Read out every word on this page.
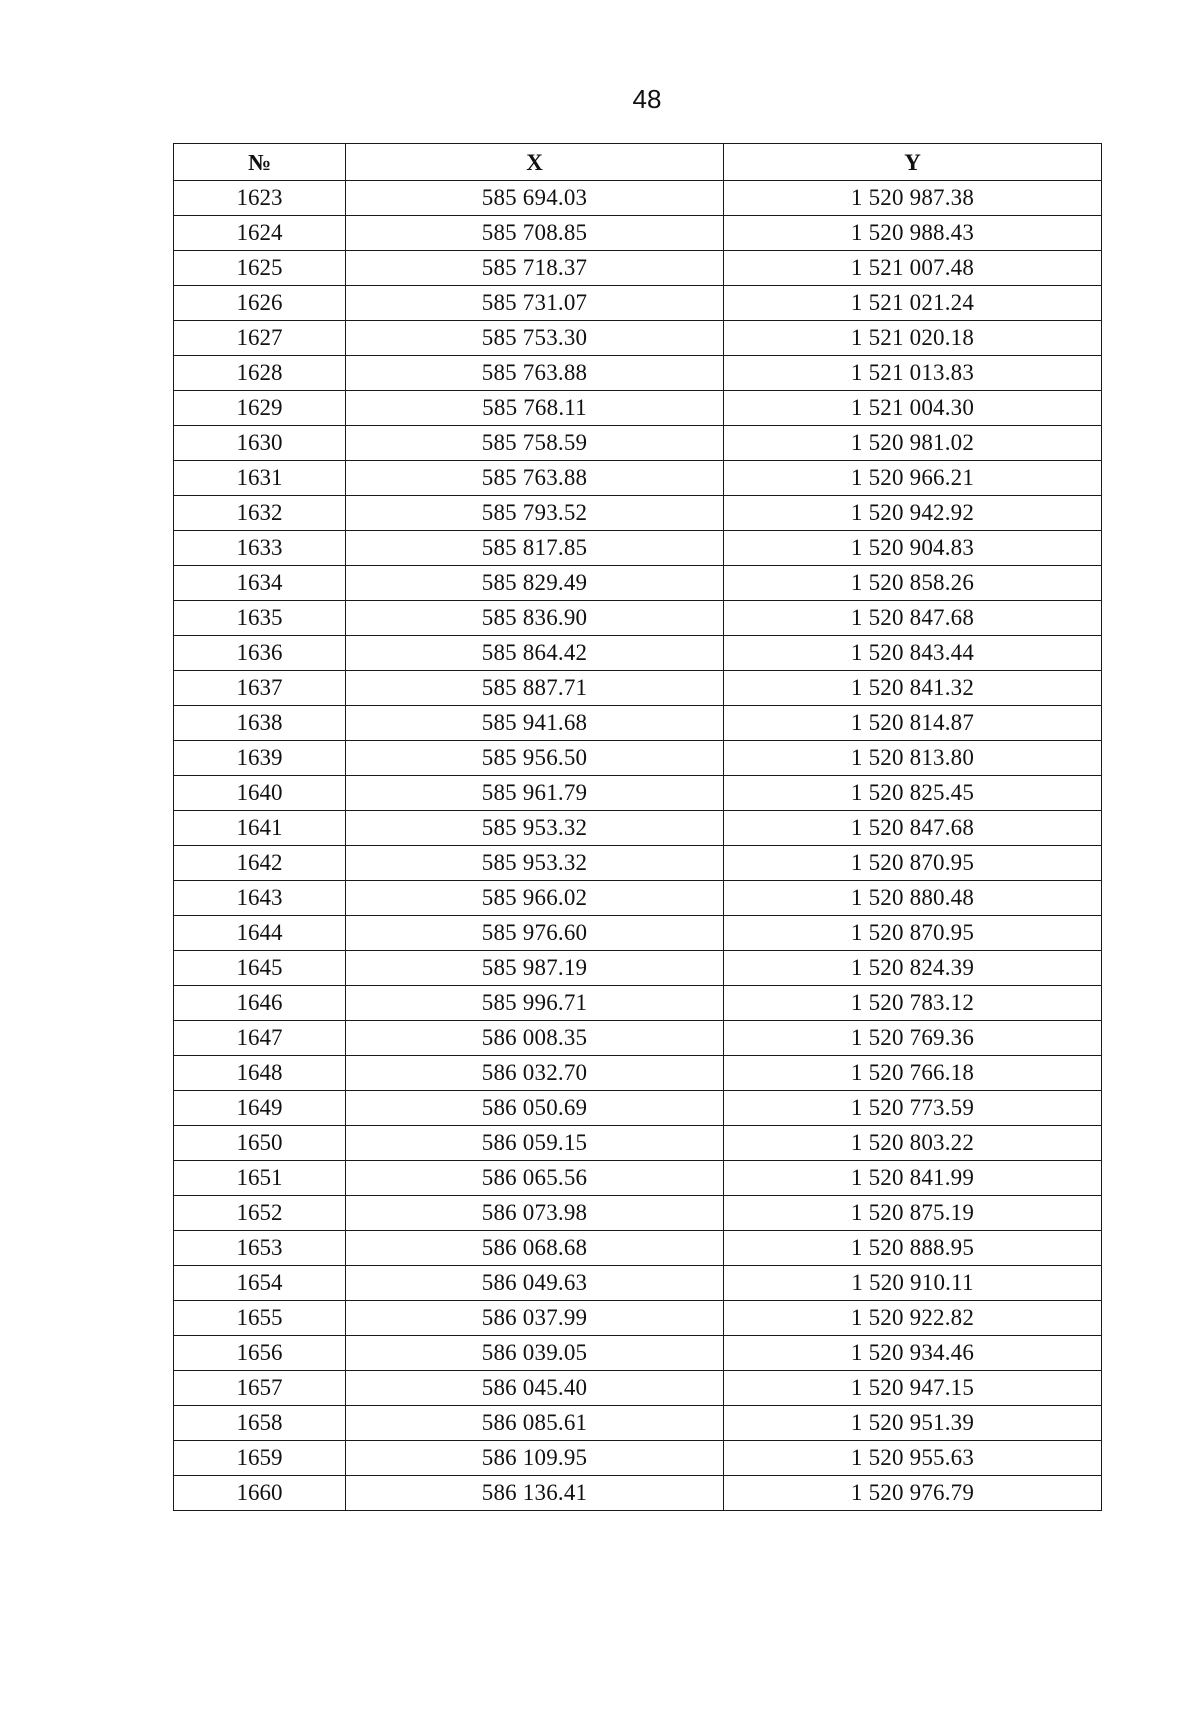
48
№	X	Y
1623	585 694.03	1 520 987.38
1624	585 708.85	1 520 988.43
1625	585 718.37	1 521 007.48
1626	585 731.07	1 521 021.24
1627	585 753.30	1 521 020.18
1628	585 763.88	1 521 013.83
1629	585 768.11	1 521 004.30
1630	585 758.59	1 520 981.02
1631	585 763.88	1 520 966.21
1632	585 793.52	1 520 942.92
1633	585 817.85	1 520 904.83
1634	585 829.49	1 520 858.26
1635	585 836.90	1 520 847.68
1636	585 864.42	1 520 843.44
1637	585 887.71	1 520 841.32
1638	585 941.68	1 520 814.87
1639	585 956.50	1 520 813.80
1640	585 961.79	1 520 825.45
1641	585 953.32	1 520 847.68
1642	585 953.32	1 520 870.95
1643	585 966.02	1 520 880.48
1644	585 976.60	1 520 870.95
1645	585 987.19	1 520 824.39
1646	585 996.71	1 520 783.12
1647	586 008.35	1 520 769.36
1648	586 032.70	1 520 766.18
1649	586 050.69	1 520 773.59
1650	586 059.15	1 520 803.22
1651	586 065.56	1 520 841.99
1652	586 073.98	1 520 875.19
1653	586 068.68	1 520 888.95
1654	586 049.63	1 520 910.11
1655	586 037.99	1 520 922.82
1656	586 039.05	1 520 934.46
1657	586 045.40	1 520 947.15
1658	586 085.61	1 520 951.39
1659	586 109.95	1 520 955.63
1660	586 136.41	1 520 976.79
